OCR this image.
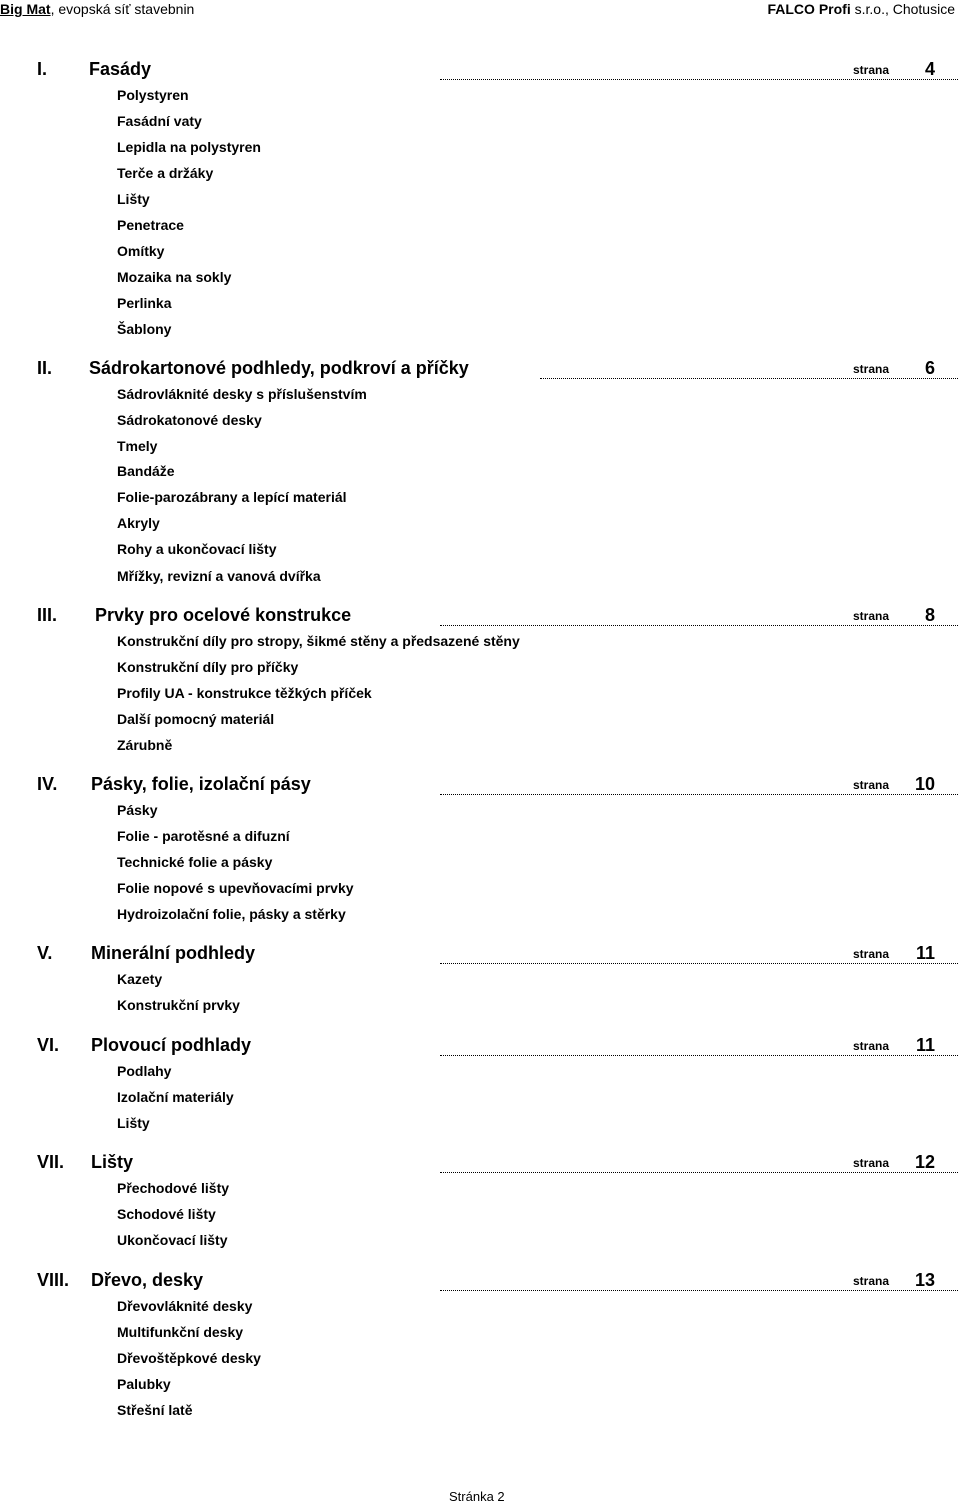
Big Mat, evopská síť stavebnin	FALCO Profi s.r.o., Chotusice
I. Fasády	strana 4
Polystyren
Fasádní vaty
Lepidla na polystyren
Terče a držáky
Lišty
Penetrace
Omítky
Mozaika na sokly
Perlinka
Šablony
II. Sádrokartonové podhledy, podkroví a příčky	strana 6
Sádrovláknité desky s příslušenstvím
Sádrokatonové desky
Tmely
Bandáže
Folie-parozábrany a lepící materiál
Akryly
Rohy a ukončovací lišty
Mřížky, revizní a vanová dvířka
III. Prvky pro ocelové konstrukce	strana 8
Konstrukční díly pro stropy, šikmé stěny a předsazené stěny
Konstrukční díly pro příčky
Profily UA - konstrukce těžkých příček
Další pomocný materiál
Zárubně
IV. Pásky, folie, izolační pásy	strana 10
Pásky
Folie - parotěsné a difuzní
Technické folie a pásky
Folie nopové s upevňovacími prvky
Hydroizolační folie, pásky a stěrky
V. Minerální podhledy	strana 11
Kazety
Konstrukční prvky
VI. Plovoucí podhlady	strana 11
Podlahy
Izolační materiály
Lišty
VII. Lišty	strana 12
Přechodové lišty
Schodové lišty
Ukončovací lišty
VIII. Dřevo, desky	strana 13
Dřevovláknité desky
Multifunkční desky
Dřevoštěpkové desky
Palubky
Střešní latě
Stránka 2
